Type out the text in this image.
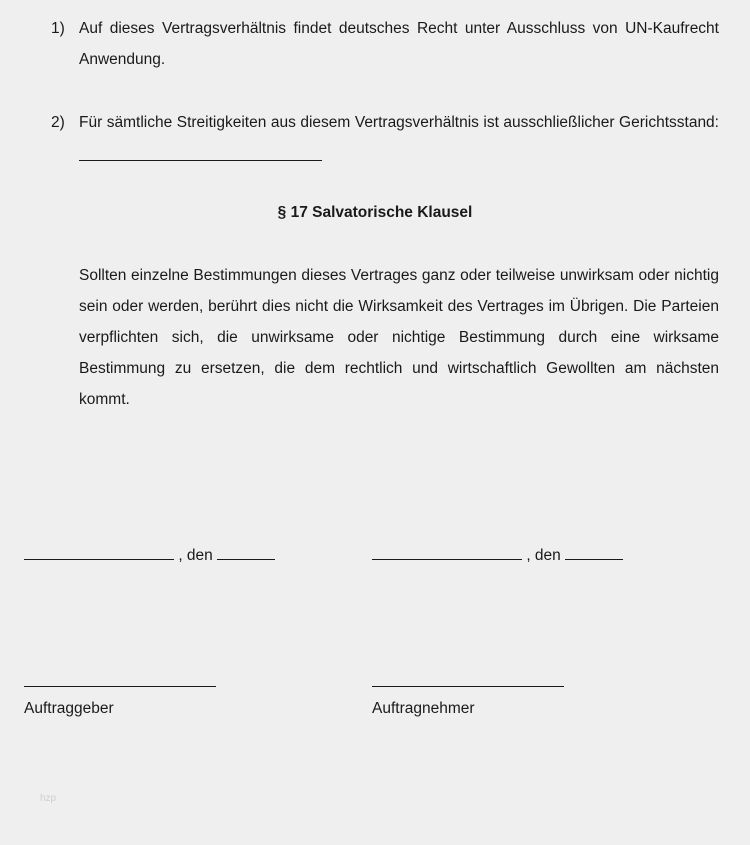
1) Auf dieses Vertragsverhältnis findet deutsches Recht unter Ausschluss von UN-Kaufrecht
Anwendung.
2) Für sämtliche Streitigkeiten aus diesem Vertragsverhältnis ist ausschließlicher Gerichtsstand:
§ 17 Salvatorische Klausel
Sollten einzelne Bestimmungen dieses Vertrages ganz oder teilweise unwirksam oder nichtig sein oder werden, berührt dies nicht die Wirksamkeit des Vertrages im Übrigen. Die Parteien verpflichten sich, die unwirksame oder nichtige Bestimmung durch eine wirksame Bestimmung zu ersetzen, die dem rechtlich und wirtschaftlich Gewollten am nächsten kommt.
, den	, den
Auftraggeber	Auftragnehmer
hzp
